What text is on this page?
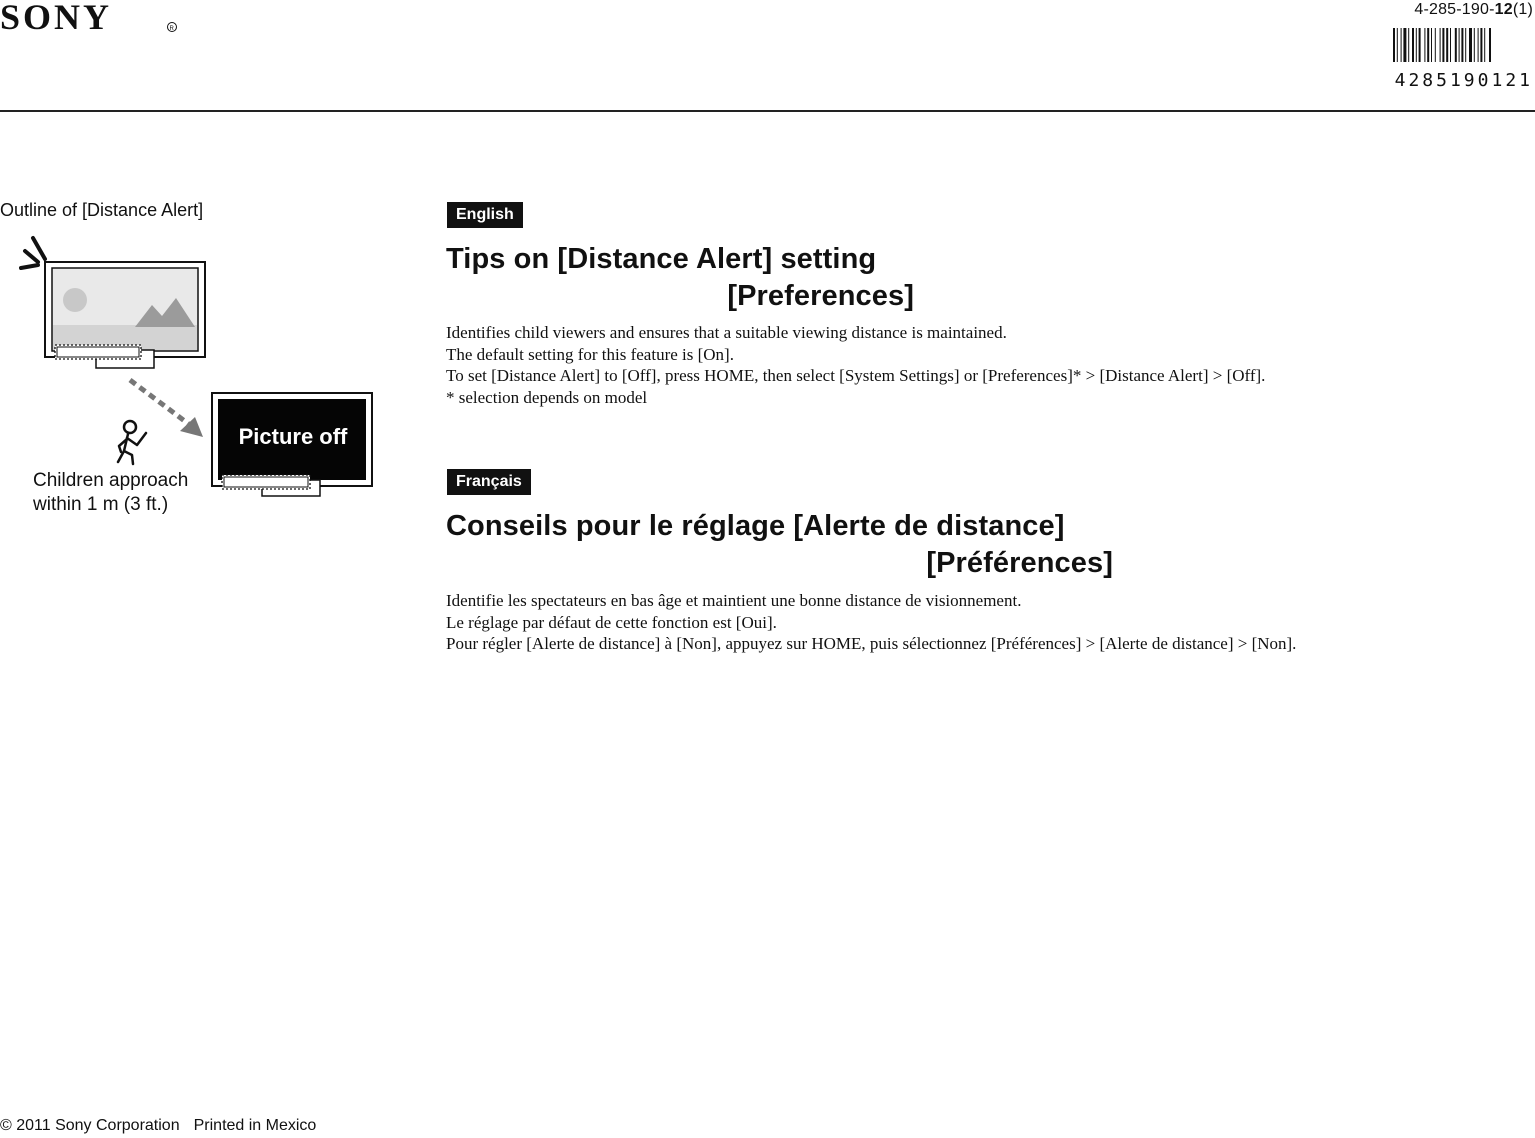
SONY	R
4-285-190-12(1)
4285190121
Outline of [Distance Alert]
Picture off
Children approach
within 1 m (3 ft.)
English
Tips on [Distance Alert] setting
[Preferences]
Identifies child viewers and ensures that a suitable viewing distance is maintained.
The default setting for this feature is [On].
To set [Distance Alert] to [Off], press HOME, then select [System Settings] or [Preferences]* > [Distance Alert] > [Off].
* selection depends on model
Français
Conseils pour le réglage [Alerte de distance]
[Préférences]
Identifie les spectateurs en bas âge et maintient une bonne distance de visionnement.
Le réglage par défaut de cette fonction est [Oui].
Pour régler [Alerte de distance] à [Non], appuyez sur HOME, puis sélectionnez [Préférences] > [Alerte de distance] > [Non].
© 2011 Sony Corporation Printed in Mexico
